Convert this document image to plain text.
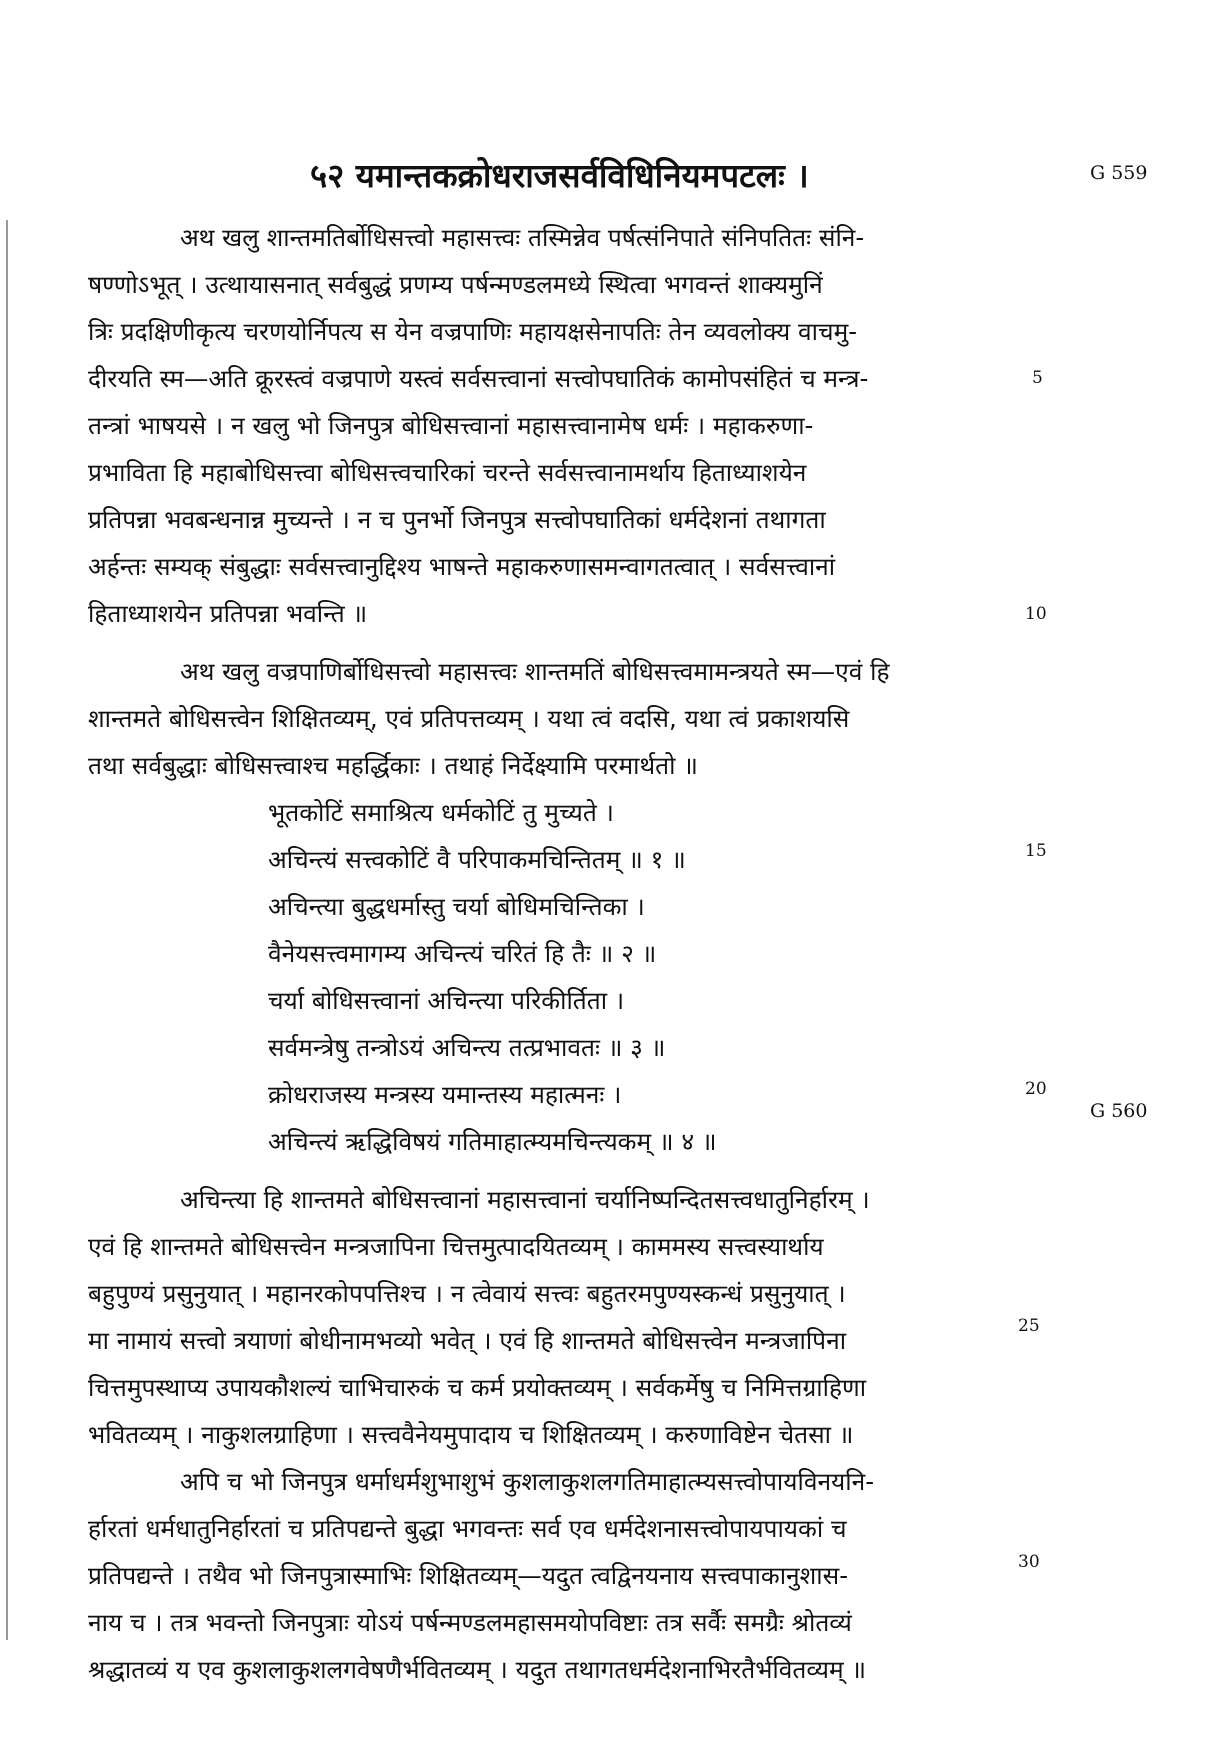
५२ यमान्तकक्रोधराजसर्वविधिनियमपटलः ।	G 559
G 560
5
10
15
20
25
30
अथ खलु शान्तमतिर्बोधिसत्त्वो महासत्त्वः तस्मिन्नेव पर्षत्संनिपाते संनिपतितः संनि-
षण्णोऽभूत् । उत्थायासनात् सर्वबुद्धं प्रणम्य पर्षन्मण्डलमध्ये स्थित्वा भगवन्तं शाक्यमुनिं
त्रिः प्रदक्षिणीकृत्य चरणयोर्निपत्य स येन वज्रपाणिः महायक्षसेनापतिः तेन व्यवलोक्य वाचमु-
दीरयति स्म—अति क्रूरस्त्वं वज्रपाणे यस्त्वं सर्वसत्त्वानां सत्त्वोपघातिकं कामोपसंहितं च मन्त्र-
तन्त्रां भाषयसे । न खलु भो जिनपुत्र बोधिसत्त्वानां महासत्त्वानामेष धर्मः । महाकरुणा-
प्रभाविता हि महाबोधिसत्त्वा बोधिसत्त्वचारिकां चरन्ते सर्वसत्त्वानामर्थाय हिताध्याशयेन
प्रतिपन्ना भवबन्धनान्न मुच्यन्ते । न च पुनर्भो जिनपुत्र सत्त्वोपघातिकां धर्मदेशनां तथागता
अर्हन्तः सम्यक् संबुद्धाः सर्वसत्त्वानुद्दिश्य भाषन्ते महाकरुणासमन्वागतत्वात् । सर्वसत्त्वानां
हिताध्याशयेन प्रतिपन्ना भवन्ति ॥
अथ खलु वज्रपाणिर्बोधिसत्त्वो महासत्त्वः शान्तमतिं बोधिसत्त्वमामन्त्रयते स्म—एवं हि
शान्तमते बोधिसत्त्वेन शिक्षितव्यम्, एवं प्रतिपत्तव्यम् । यथा त्वं वदसि, यथा त्वं प्रकाशयसि
तथा सर्वबुद्धाः बोधिसत्त्वाश्च महर्द्धिकाः । तथाहं निर्देक्ष्यामि परमार्थतो ॥
भूतकोटिं समाश्रित्य धर्मकोटिं तु मुच्यते ।
अचिन्त्यं सत्त्वकोटिं वै परिपाकमचिन्तितम् ॥ १ ॥
अचिन्त्या बुद्धधर्मास्तु चर्या बोधिमचिन्तिका ।
वैनेयसत्त्वमागम्य अचिन्त्यं चरितं हि तैः ॥ २ ॥
चर्या बोधिसत्त्वानां अचिन्त्या परिकीर्तिता ।
सर्वमन्त्रेषु तन्त्रोऽयं अचिन्त्य तत्प्रभावतः ॥ ३ ॥
क्रोधराजस्य मन्त्रस्य यमान्तस्य महात्मनः ।
अचिन्त्यं ऋद्धिविषयं गतिमाहात्म्यमचिन्त्यकम् ॥ ४ ॥
अचिन्त्या हि शान्तमते बोधिसत्त्वानां महासत्त्वानां चर्यानिष्पन्दितसत्त्वधातुनिर्हारम् ।
एवं हि शान्तमते बोधिसत्त्वेन मन्त्रजापिना चित्तमुत्पादयितव्यम् । काममस्य सत्त्वस्यार्थाय
बहुपुण्यं प्रसुनुयात् । महानरकोपपत्तिश्च । न त्वेवायं सत्त्वः बहुतरमपुण्यस्कन्धं प्रसुनुयात् ।
मा नामायं सत्त्वो त्रयाणां बोधीनामभव्यो भवेत् । एवं हि शान्तमते बोधिसत्त्वेन मन्त्रजापिना
चित्तमुपस्थाप्य उपायकौशल्यं चाभिचारुकं च कर्म प्रयोक्तव्यम् । सर्वकर्मेषु च निमित्तग्राहिणा
भवितव्यम् । नाकुशलग्राहिणा । सत्त्ववैनेयमुपादाय च शिक्षितव्यम् । करुणाविष्टेन चेतसा ॥
अपि च भो जिनपुत्र धर्माधर्मशुभाशुभं कुशलाकुशलगतिमाहात्म्यसत्त्वोपायविनयनि-
र्हारतां धर्मधातुनिर्हारतां च प्रतिपद्यन्ते बुद्धा भगवन्तः सर्व एव धर्मदेशनासत्त्वोपायपायकां च
प्रतिपद्यन्ते । तथैव भो जिनपुत्रास्माभिः शिक्षितव्यम्—यदुत त्वद्विनयनाय सत्त्वपाकानुशास-
नाय च । तत्र भवन्तो जिनपुत्राः योऽयं पर्षन्मण्डलमहासमयोपविष्टाः तत्र सर्वैः समग्रैः श्रोतव्यं
श्रद्धातव्यं य एव कुशलाकुशलगवेषणैर्भवितव्यम् । यदुत तथागतधर्मदेशनाभिरतैर्भवितव्यम् ॥
